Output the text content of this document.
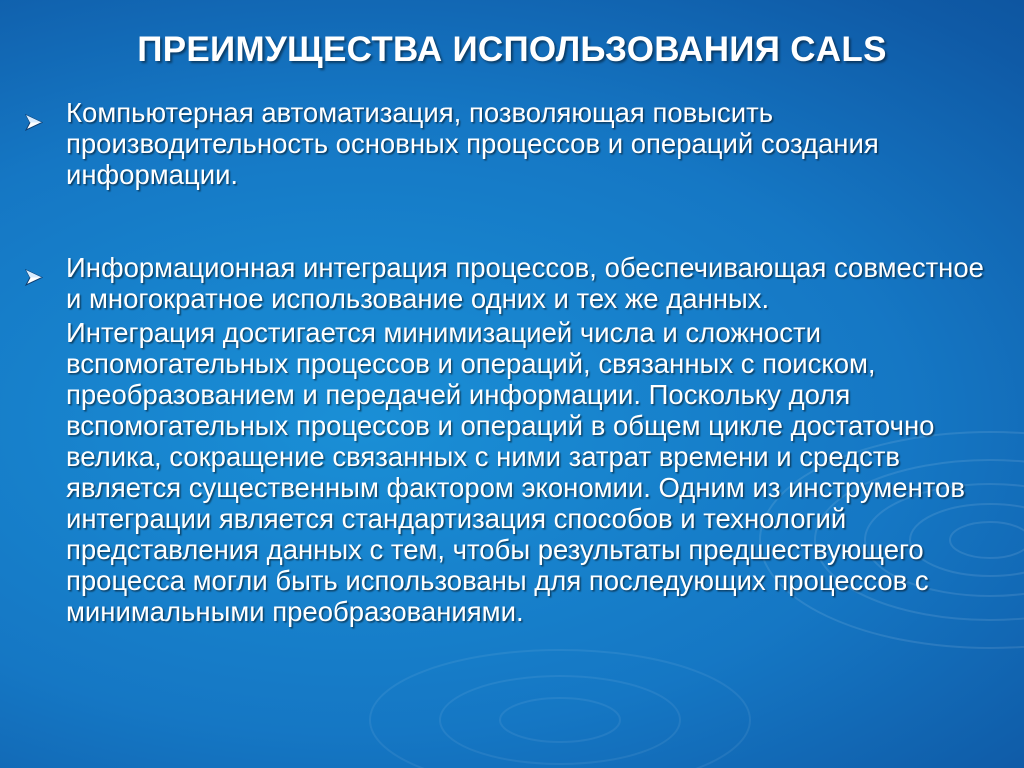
ПРЕИМУЩЕСТВА ИСПОЛЬЗОВАНИЯ CALS
Компьютерная автоматизация, позволяющая повысить производительность основных процессов и операций создания информации.
Информационная интеграция процессов, обеспечивающая совместное и многократное использование одних и тех же данных.
Интеграция достигается минимизацией числа и сложности вспомогательных процессов и операций, связанных с поиском, преобразованием и передачей информации. Поскольку доля вспомогательных процессов и операций в общем цикле достаточно велика, сокращение связанных с ними затрат времени и средств является существенным фактором экономии. Одним из инструментов интеграции является стандартизация способов и технологий представления данных с тем, чтобы результаты предшествующего процесса могли быть использованы для последующих процессов с минимальными преобразованиями.
